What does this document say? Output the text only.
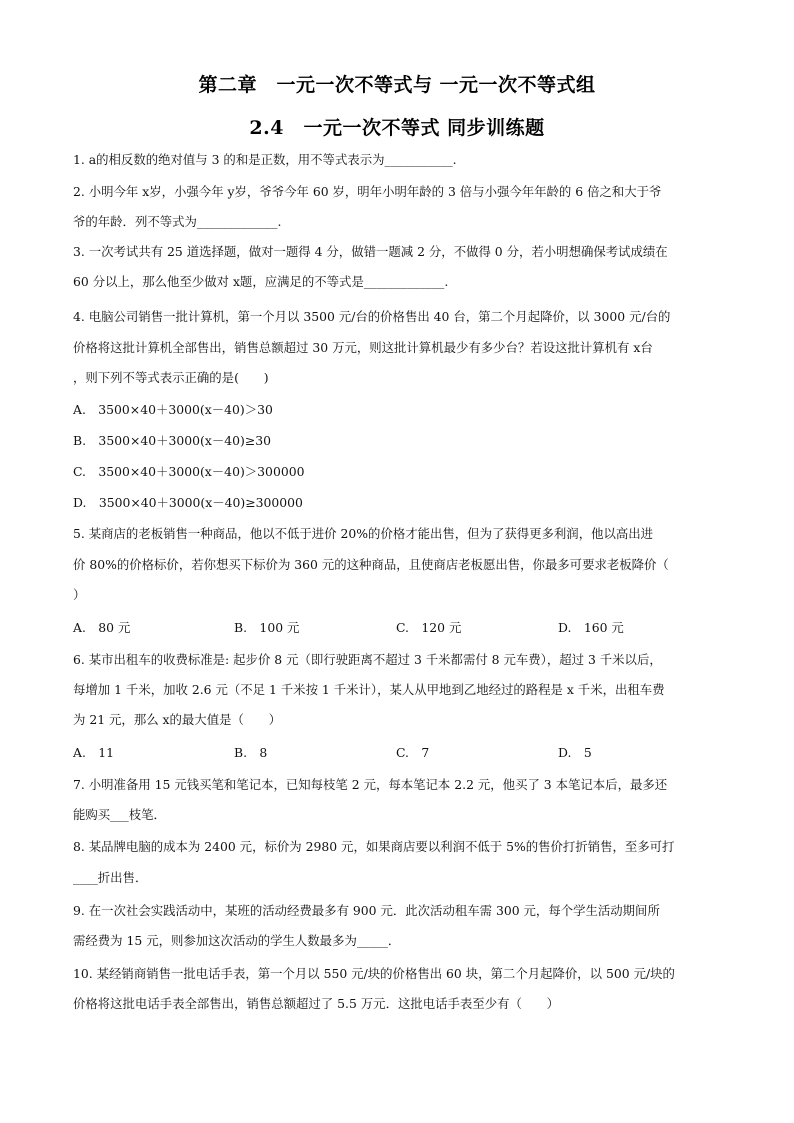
第二章　一元一次不等式与 一元一次不等式组
2.4　一元一次不等式 同步训练题
1. a的相反数的绝对值与 3 的和是正数，用不等式表示为___________.
2. 小明今年 x岁，小强今年 y岁，爷爷今年 60 岁，明年小明年龄的 3 倍与小强今年年龄的 6 倍之和大于爷
爷的年龄．列不等式为_____________.
3. 一次考试共有 25 道选择题，做对一题得 4 分，做错一题减 2 分，不做得 0 分，若小明想确保考试成绩在
60 分以上，那么他至少做对 x题，应满足的不等式是_____________.
4. 电脑公司销售一批计算机，第一个月以 3500 元/台的价格售出 40 台，第二个月起降价，以 3000 元/台的
价格将这批计算机全部售出，销售总额超过 30 万元，则这批计算机最少有多少台？若设这批计算机有 x台
，则下列不等式表示正确的是(　　)
A.　3500×40＋3000(x－40)＞30
B.　3500×40＋3000(x－40)≥30
C.　3500×40＋3000(x－40)＞300000
D.　3500×40＋3000(x－40)≥300000
5. 某商店的老板销售一种商品，他以不低于进价 20%的价格才能出售，但为了获得更多利润，他以高出进
价 80%的价格标价，若你想买下标价为 360 元的这种商品，且使商店老板愿出售，你最多可要求老板降价（
）
A.　80 元	B.　100 元	C.　120 元	D.　160 元
6. 某市出租车的收费标准是: 起步价 8 元（即行驶距离不超过 3 千米都需付 8 元车费），超过 3 千米以后，
每增加 1 千米，加收 2.6 元（不足 1 千米按 1 千米计），某人从甲地到乙地经过的路程是 x 千米，出租车费
为 21 元，那么 x的最大值是（　　）
A.　11	B.　8	C.　7	D.　5
7. 小明准备用 15 元钱买笔和笔记本，已知每枝笔 2 元，每本笔记本 2.2 元，他买了 3 本笔记本后，最多还
能购买___枝笔．
8. 某品牌电脑的成本为 2400 元，标价为 2980 元，如果商店要以利润不低于 5%的售价打折销售，至多可打
____折出售．
9. 在一次社会实践活动中，某班的活动经费最多有 900 元．此次活动租车需 300 元，每个学生活动期间所
需经费为 15 元，则参加这次活动的学生人数最多为_____．
10. 某经销商销售一批电话手表，第一个月以 550 元/块的价格售出 60 块，第二个月起降价，以 500 元/块的
价格将这批电话手表全部售出，销售总额超过了 5.5 万元．这批电话手表至少有（　　）
